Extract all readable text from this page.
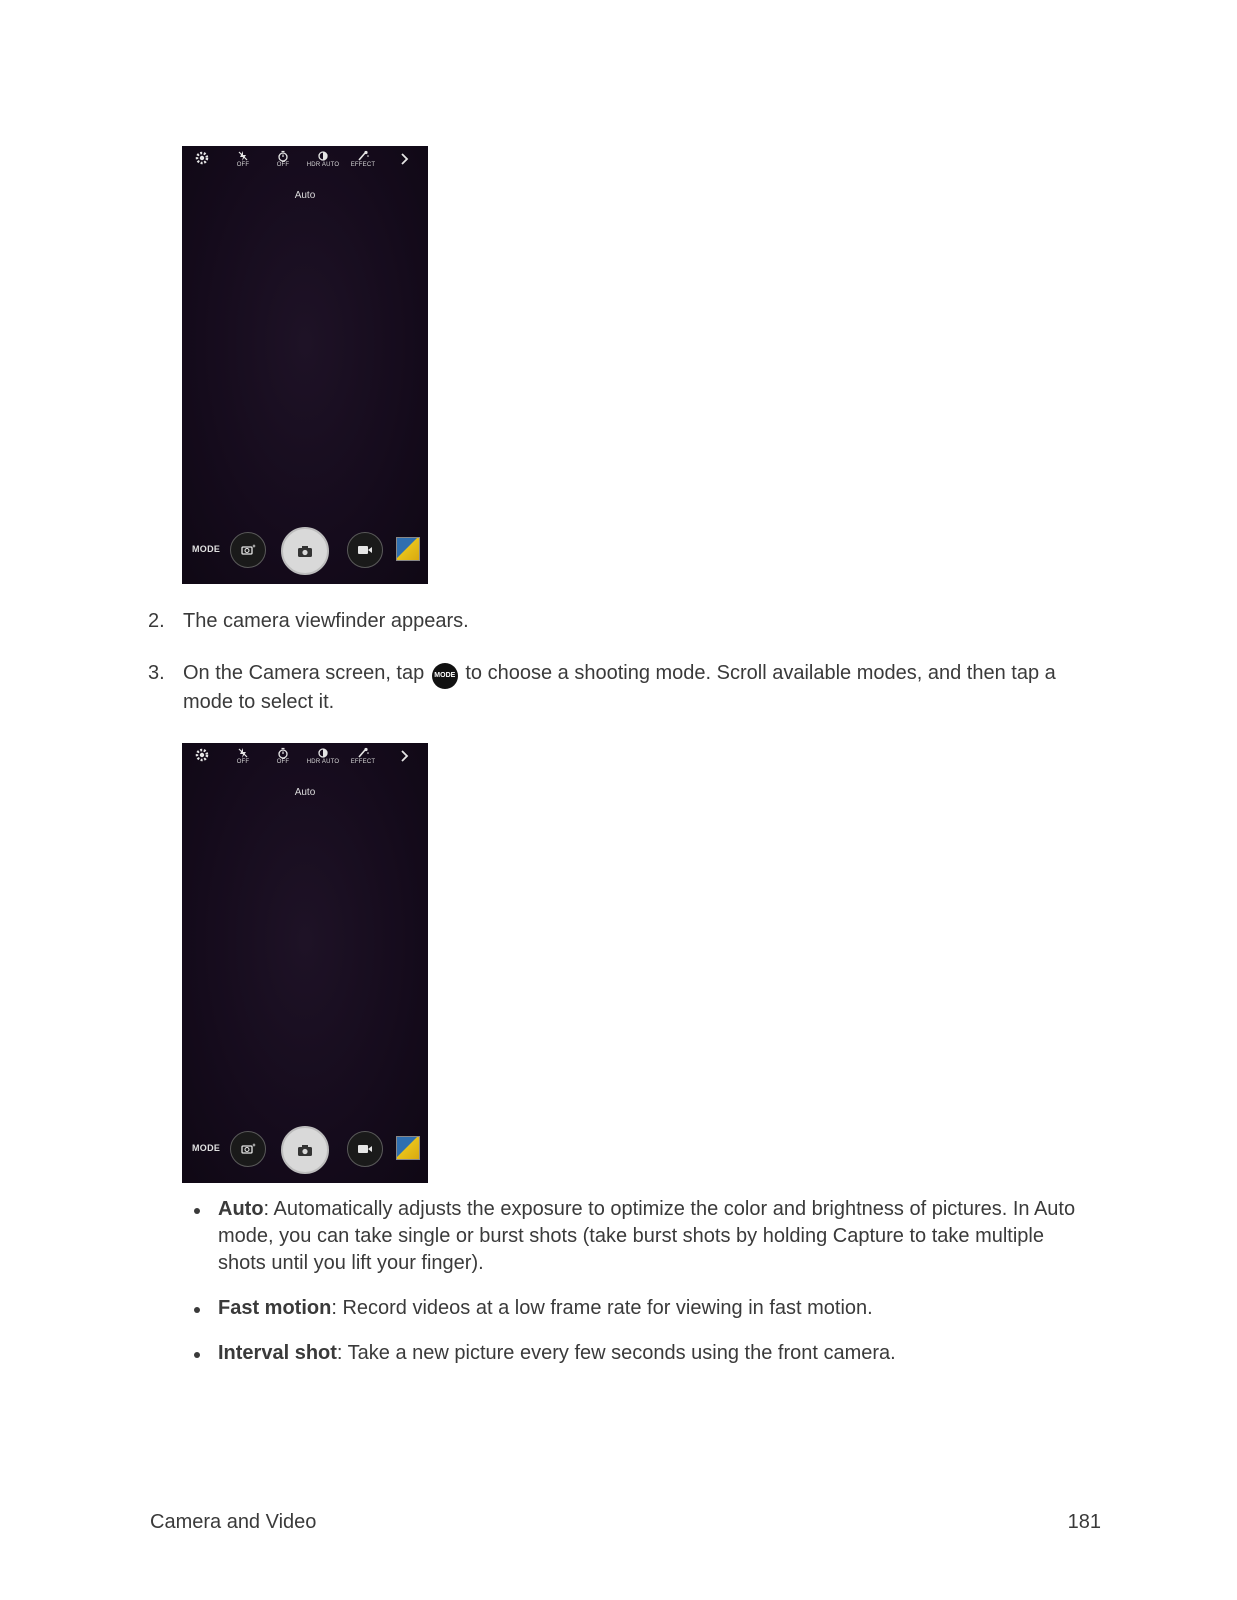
OFF	OFF	HDR AUTO	EFFECT
Auto
MODE
2. The camera viewfinder appears.
3. On the Camera screen, tap MODE to choose a shooting mode. Scroll available modes, and then tap a mode to select it.
OFF	OFF	HDR AUTO	EFFECT
Auto
MODE
Auto: Automatically adjusts the exposure to optimize the color and brightness of pictures. In Auto mode, you can take single or burst shots (take burst shots by holding Capture to take multiple shots until you lift your finger).
Fast motion: Record videos at a low frame rate for viewing in fast motion.
Interval shot: Take a new picture every few seconds using the front camera.
Camera and Video	181
